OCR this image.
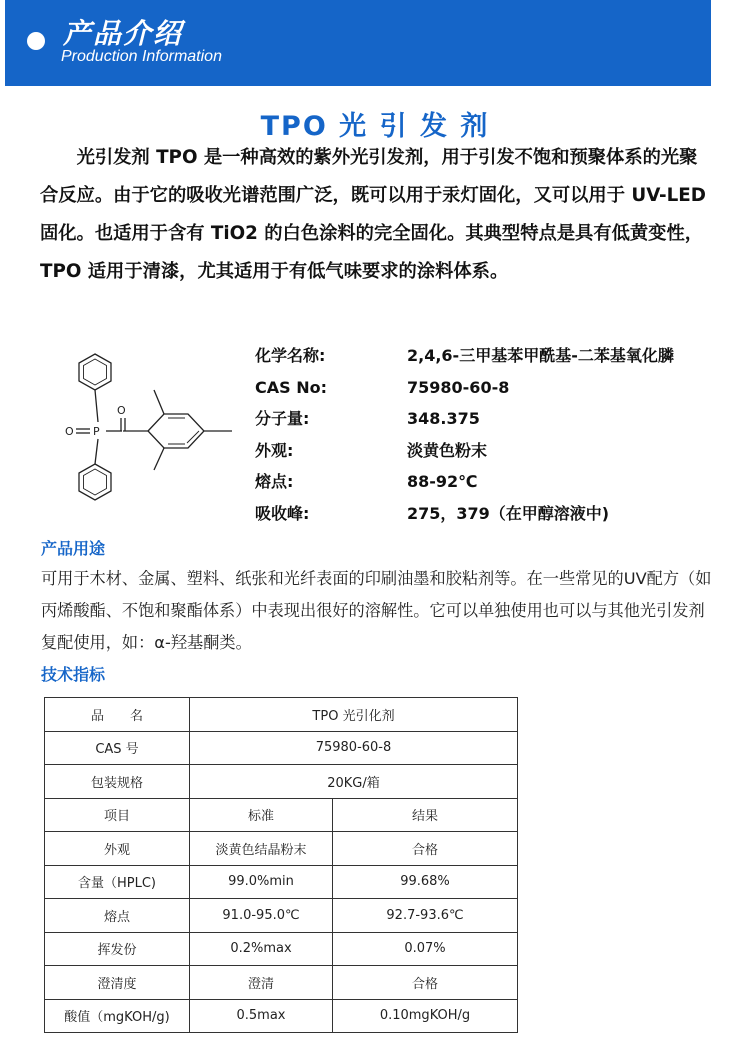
产品介绍
Production Information
TPO 光 引 发 剂

光引发剂 TPO 是一种高效的紫外光引发剂，用于引发不饱和预聚体系的光聚合反应。由于它的吸收光谱范围广泛，既可以用于汞灯固化，又可以用于 UV-LED 固化。也适用于含有 TiO2 的白色涂料的完全固化。其典型特点是具有低黄变性，TPO 适用于清漆，尤其适用于有低气味要求的涂料体系。

O
O P
化学名称:	2,4,6-三甲基苯甲酰基-二苯基氧化膦
CAS No:	75980-60-8
分子量:	348.375
外观:	淡黄色粉末
熔点:	88-92℃
吸收峰:	275，379（在甲醇溶液中)
产品用途

可用于木材、金属、塑料、纸张和光纤表面的印刷油墨和胶粘剂等。在一些常见的UV配方（如丙烯酸酯、不饱和聚酯体系）中表现出很好的溶解性。它可以单独使用也可以与其他光引发剂复配使用，如：α-羟基酮类。

技术指标
品　　名	TPO 光引化剂	
CAS 号	75980-60-8	
包装规格	20KG/箱	
项目	标准	结果
外观	淡黄色结晶粉末	合格
含量（HPLC)	99.0%min	99.68%
熔点	91.0-95.0℃	92.7-93.6℃
挥发份	0.2%max	0.07%
澄清度	澄清	合格
酸值（mgKOH/g)	0.5max	0.10mgKOH/g
